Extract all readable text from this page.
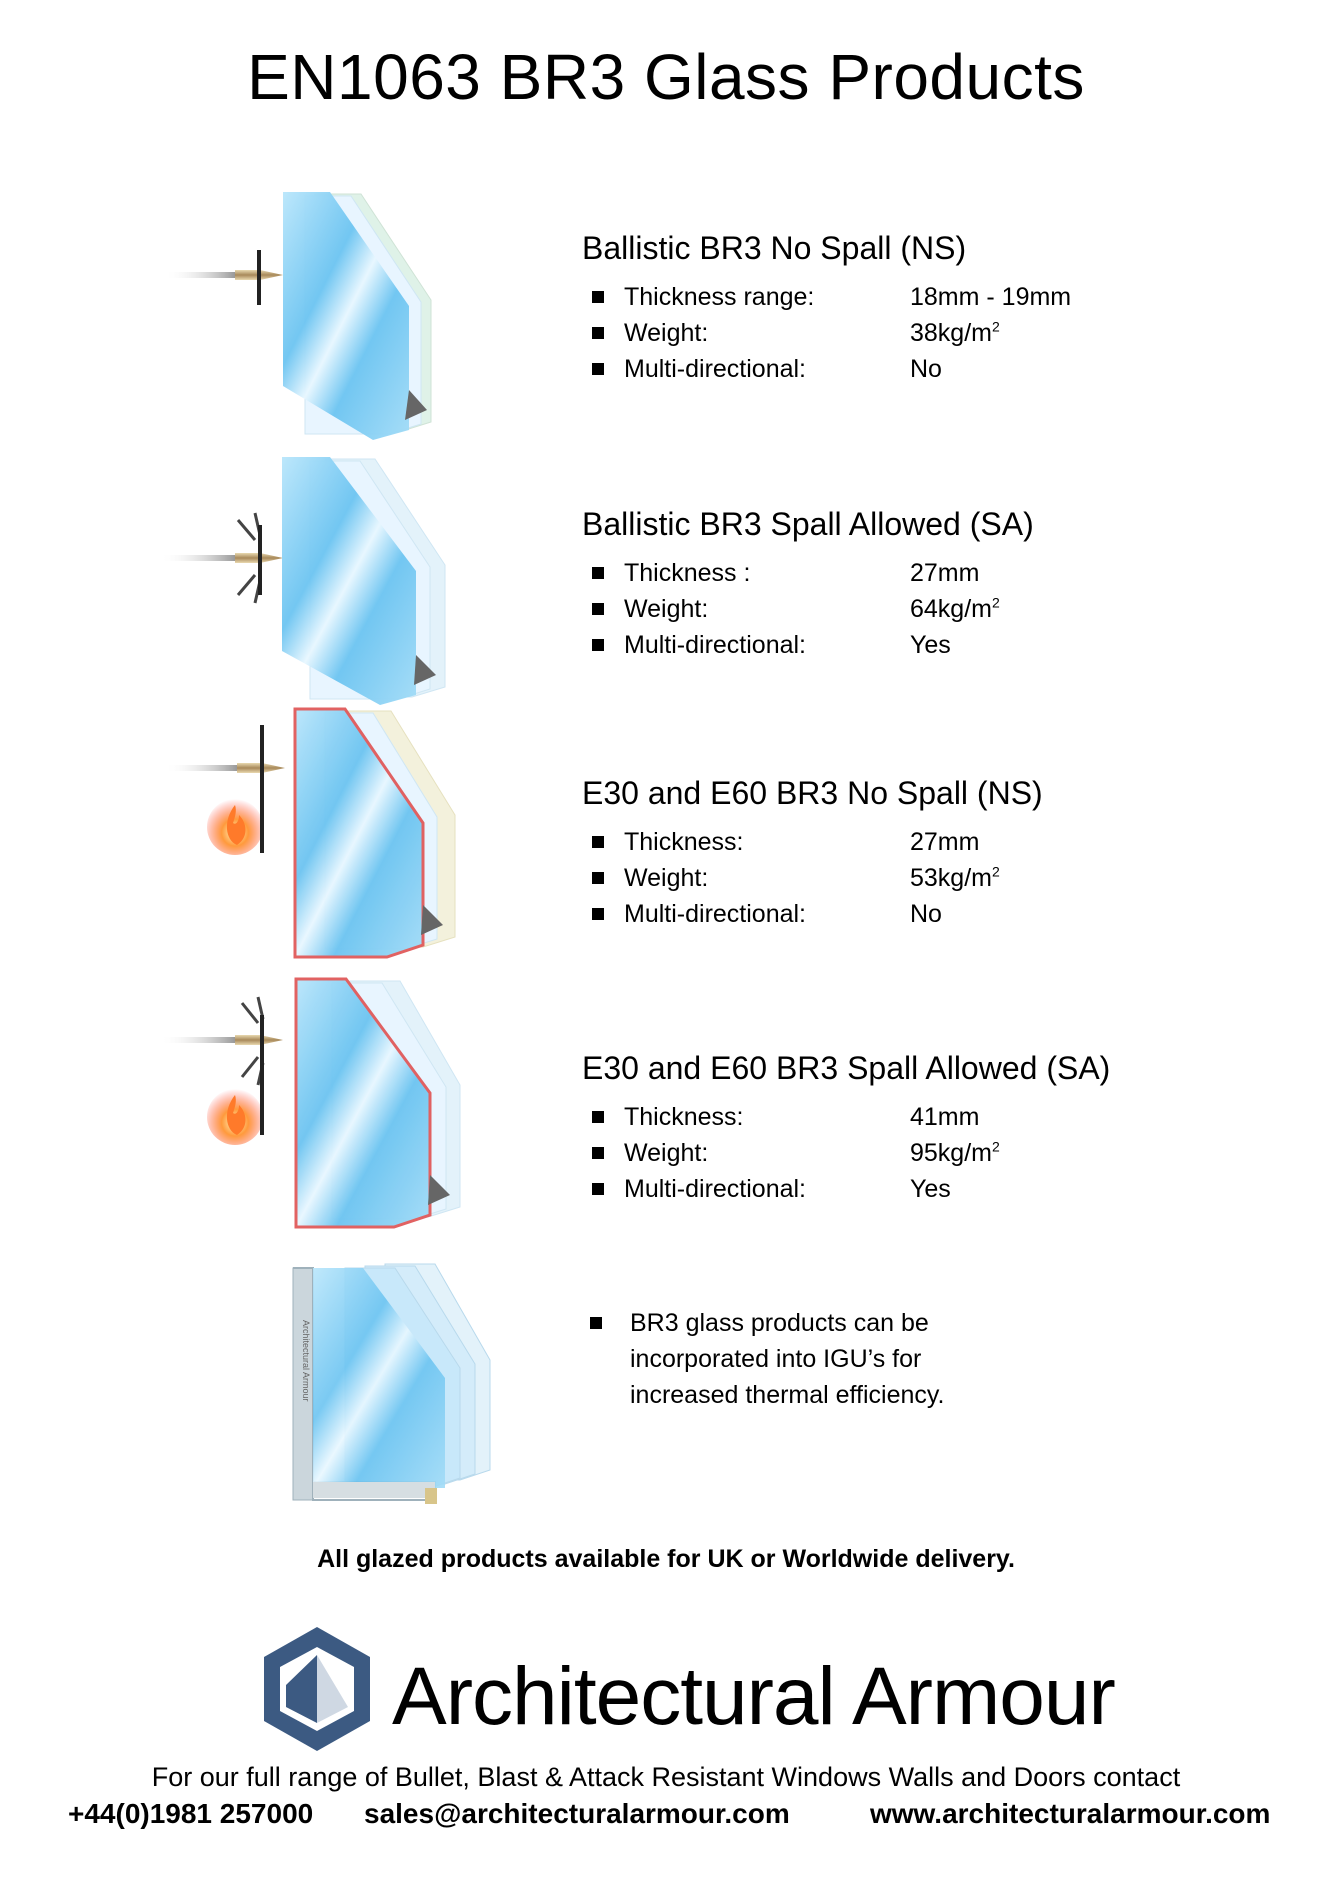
EN1063 BR3 Glass Products
Ballistic BR3 No Spall (NS)
Thickness range:	18mm - 19mm
Weight:	$38kg/m^2$
Multi-directional:	No
Ballistic BR3 Spall Allowed (SA)
Thickness :	27mm
Weight:	$64kg/m^2$
Multi-directional:	Yes
E30 and E60 BR3 No Spall (NS)
Thickness:	27mm
Weight:	$53kg/m^2$
Multi-directional:	No
E30 and E60 BR3 Spall Allowed (SA)
Thickness:	41mm
Weight:	$95kg/m^2$
Multi-directional:	Yes
Architectural Armour	BR3 glass products can be
incorporated into IGU’s for
increased thermal efficiency.
All glazed products available for UK or Worldwide delivery.
Architectural Armour
For our full range of Bullet, Blast & Attack Resistant Windows Walls and Doors contact
+44(0)1981 257000 sales@architecturalarmour.com	www.architecturalarmour.com
